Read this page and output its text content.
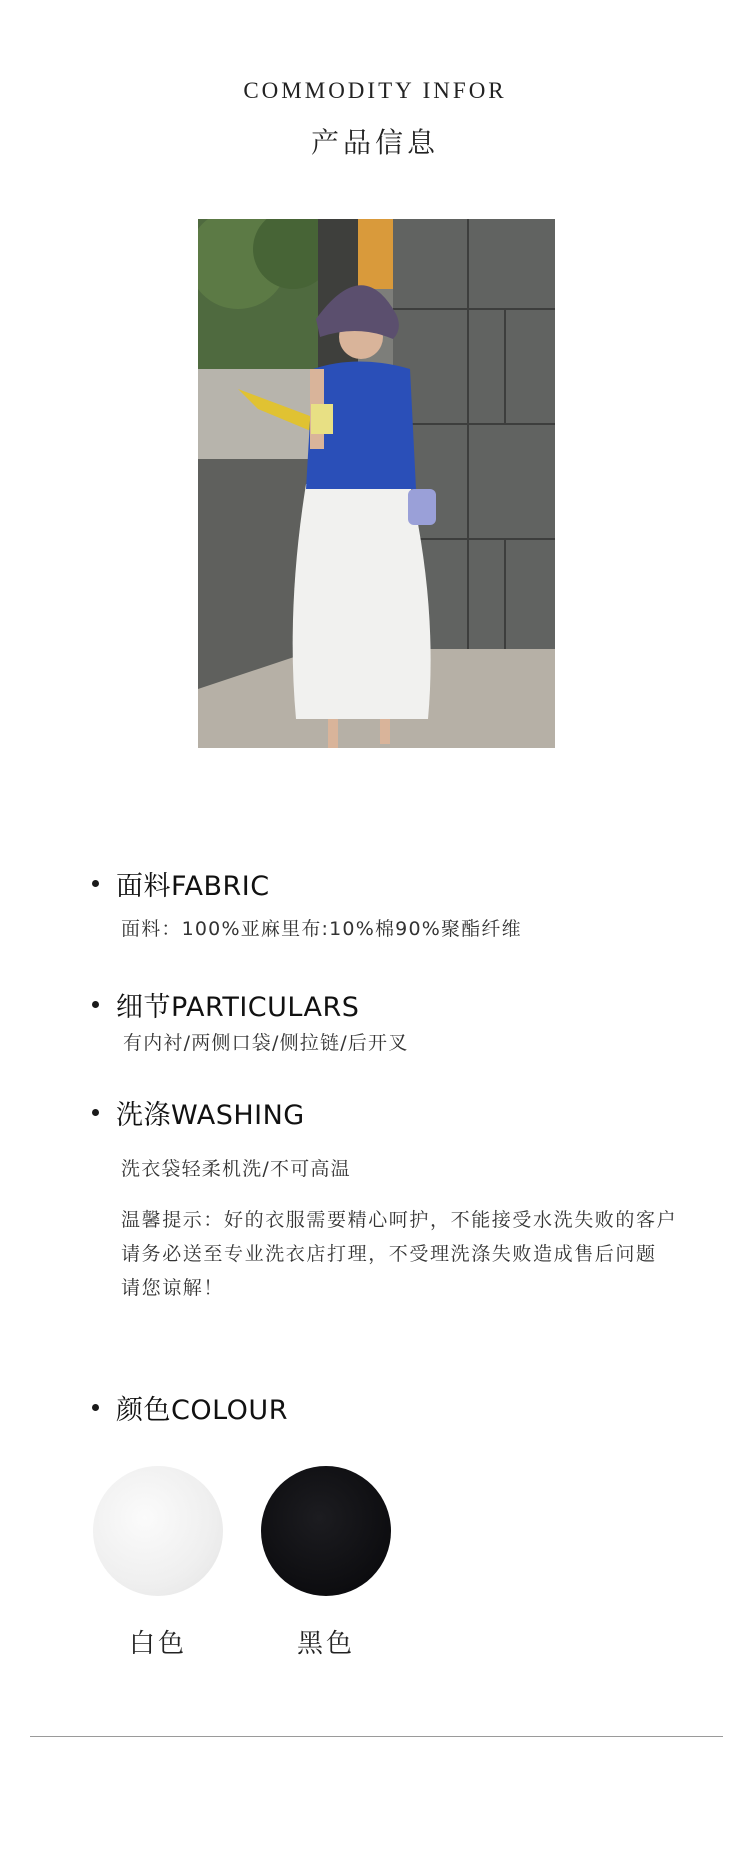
COMMODITY INFOR
产品信息
面料FABRIC
面料：100%亚麻里布:10%棉90%聚酯纤维
细节PARTICULARS
有内衬/两侧口袋/侧拉链/后开叉
洗涤WASHING
洗衣袋轻柔机洗/不可高温
温馨提示：好的衣服需要精心呵护，不能接受水洗失败的客户
请务必送至专业洗衣店打理，不受理洗涤失败造成售后问题
请您谅解！
颜色COLOUR
白色	黑色
